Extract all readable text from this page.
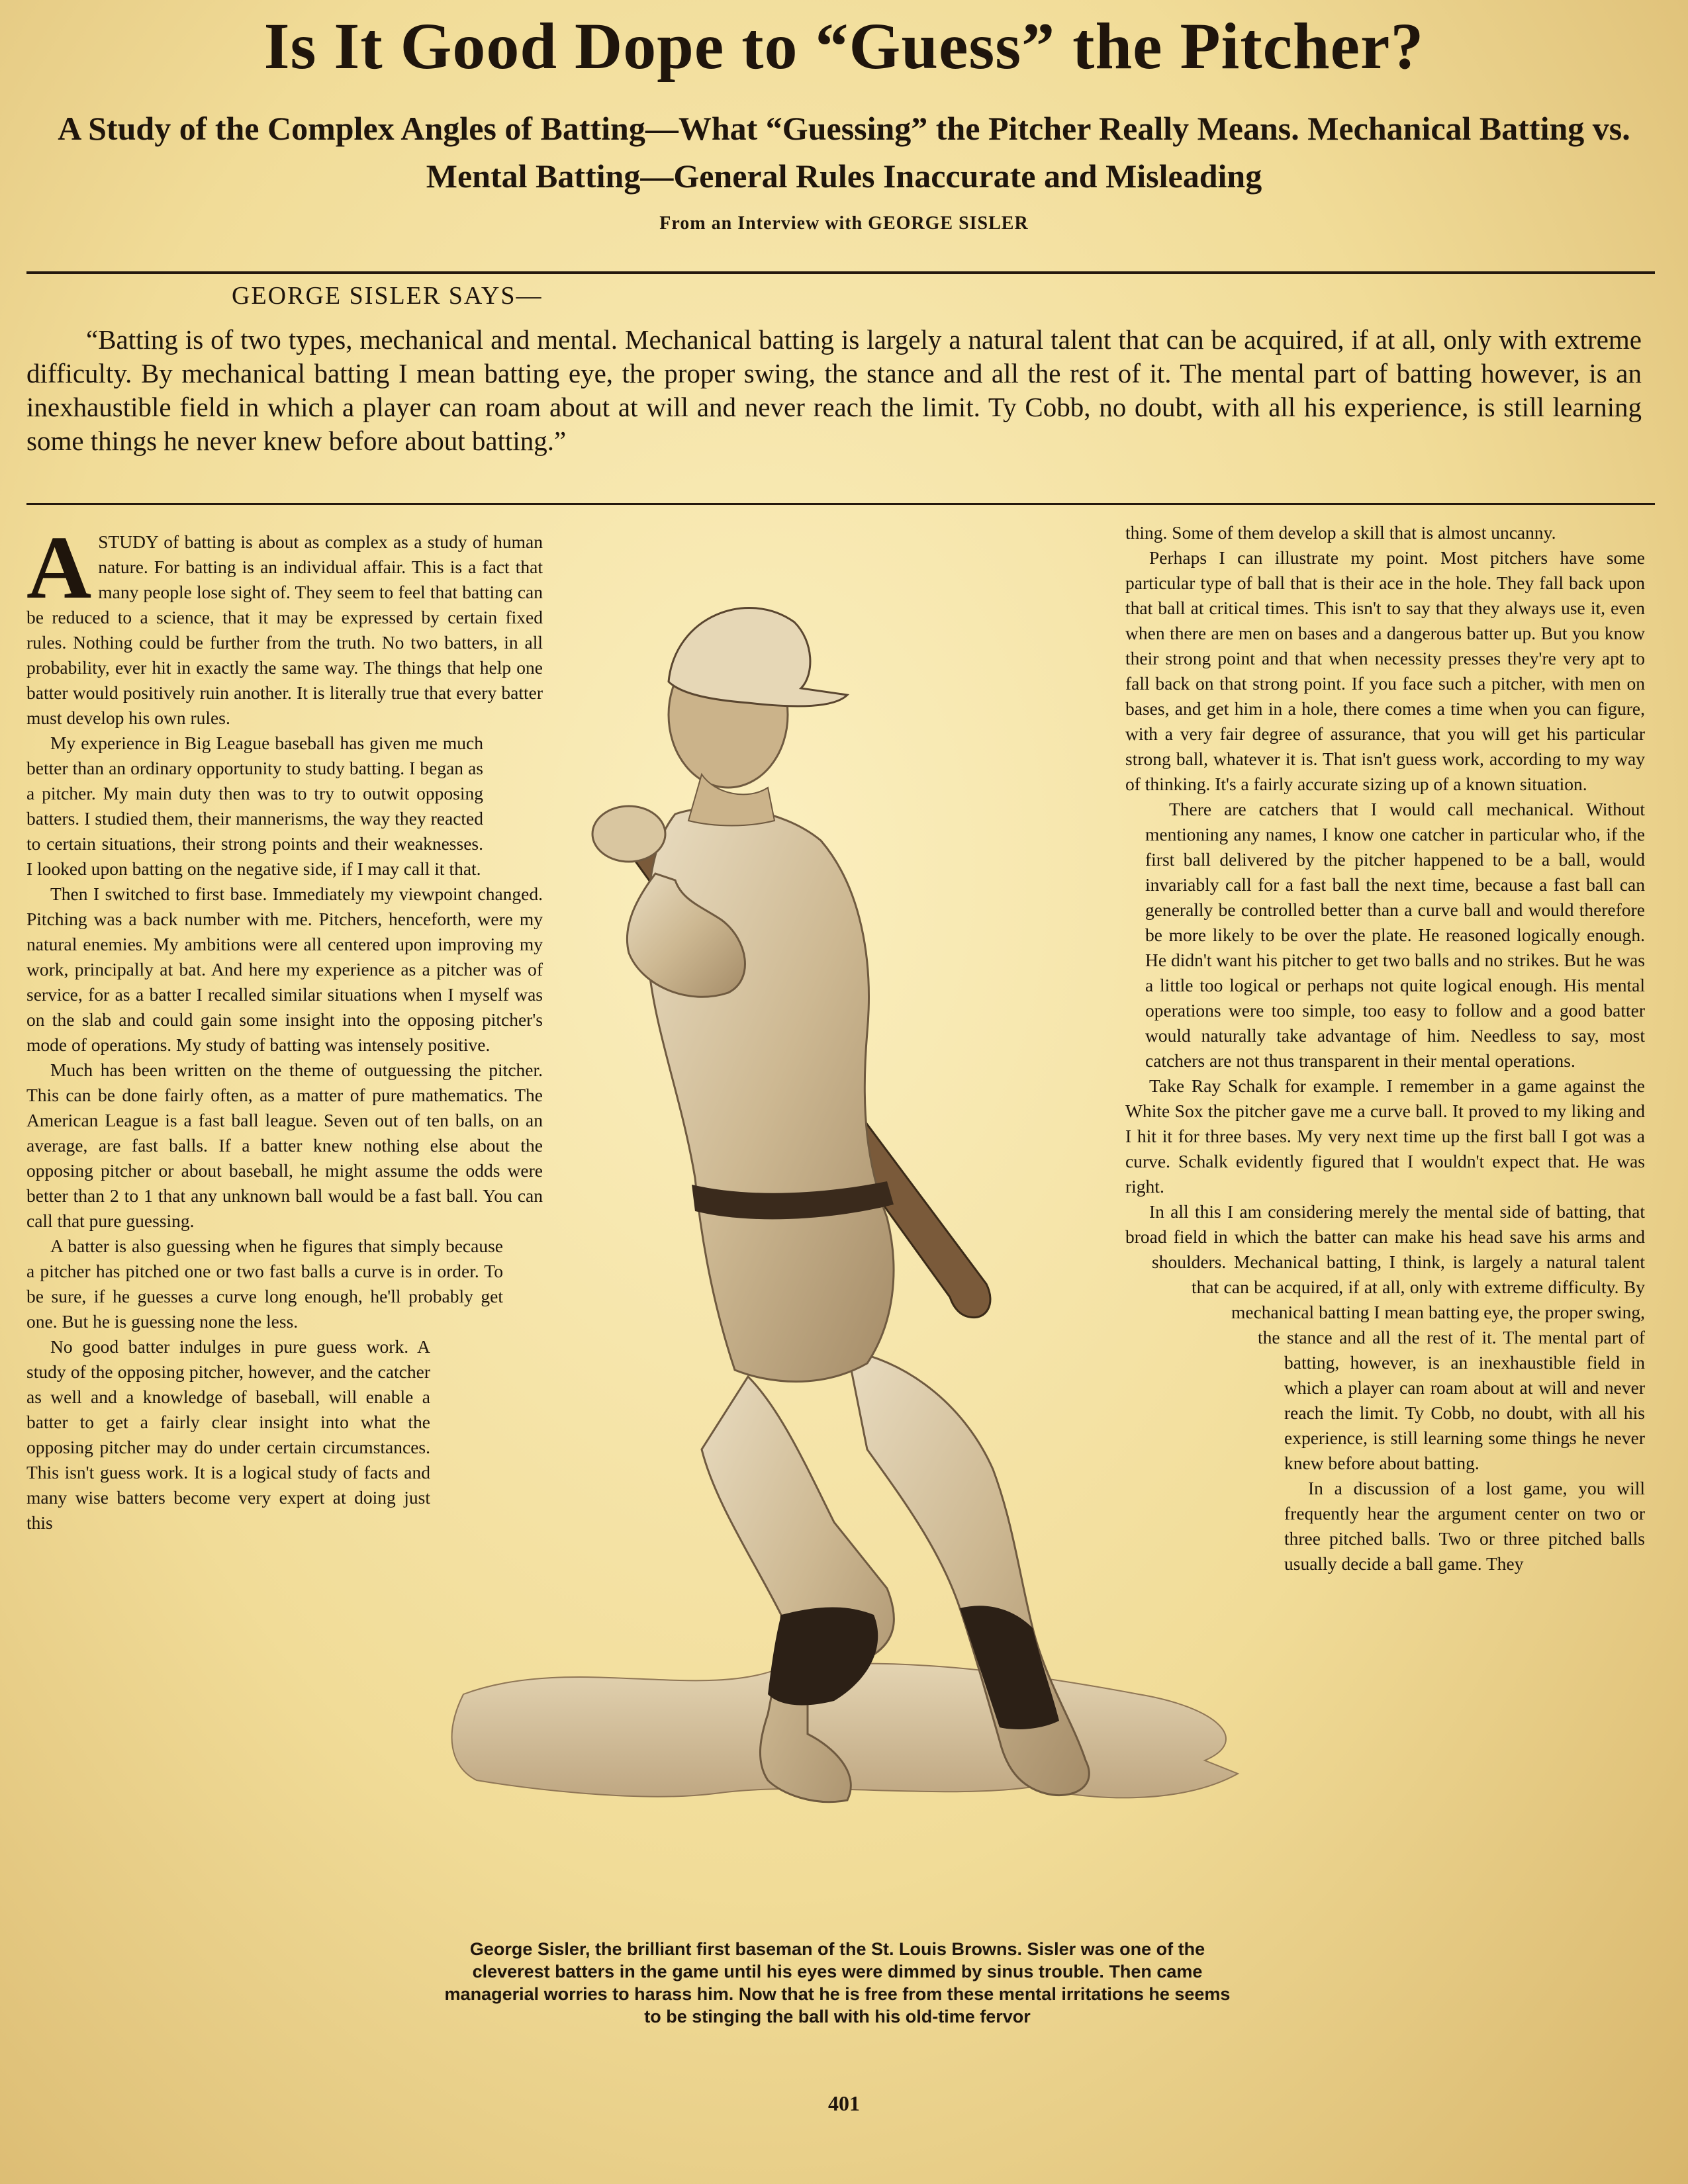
Is It Good Dope to “Guess” the Pitcher?
A Study of the Complex Angles of Batting—What “Guessing” the Pitcher Really Means. Mechanical Batting vs. Mental Batting—General Rules Inaccurate and Misleading
From an Interview with GEORGE SISLER
GEORGE SISLER SAYS—

“Batting is of two types, mechanical and mental. Mechanical batting is largely a natural talent that can be acquired, if at all, only with extreme difficulty. By mechanical batting I mean batting eye, the proper swing, the stance and all the rest of it. The mental part of batting however, is an inexhaustible field in which a player can roam about at will and never reach the limit. Ty Cobb, no doubt, with all his experience, is still learning some things he never knew before about batting.”

ASTUDY of batting is about as complex as a study of human nature. For batting is an individual affair. This is a fact that many people lose sight of. They seem to feel that batting can be reduced to a science, that it may be expressed by certain fixed rules. Nothing could be further from the truth. No two batters, in all probability, ever hit in exactly the same way. The things that help one batter would positively ruin another. It is literally true that every batter must develop his own rules.

My experience in Big League baseball has given me much better than an ordinary opportunity to study batting. I began as a pitcher. My main duty then was to try to outwit opposing batters. I studied them, their mannerisms, the way they reacted to certain situations, their strong points and their weaknesses. I looked upon batting on the negative side, if I may call it that.

Then I switched to first base. Immediately my viewpoint changed. Pitching was a back number with me. Pitchers, henceforth, were my natural enemies. My ambitions were all centered upon improving my work, principally at bat. And here my experience as a pitcher was of service, for as a batter I recalled similar situations when I myself was on the slab and could gain some insight into the opposing pitcher's mode of operations. My study of batting was intensely positive.

Much has been written on the theme of outguessing the pitcher. This can be done fairly often, as a matter of pure mathematics. The American League is a fast ball league. Seven out of ten balls, on an average, are fast balls. If a batter knew nothing else about the opposing pitcher or about baseball, he might assume the odds were better than 2 to 1 that any unknown ball would be a fast ball. You can call that pure guessing.

A batter is also guessing when he figures that simply because a pitcher has pitched one or two fast balls a curve is in order. To be sure, if he guesses a curve long enough, he'll probably get one. But he is guessing none the less.

No good batter indulges in pure guess work. A study of the opposing pitcher, however, and the catcher as well and a knowledge of baseball, will enable a batter to get a fairly clear insight into what the opposing pitcher may do under certain circumstances. This isn't guess work. It is a logical study of facts and many wise batters become very expert at doing just this

thing. Some of them develop a skill that is almost uncanny.

Perhaps I can illustrate my point. Most pitchers have some particular type of ball that is their ace in the hole. They fall back upon that ball at critical times. This isn't to say that they always use it, even when there are men on bases and a dangerous batter up. But you know their strong point and that when necessity presses they're very apt to fall back on that strong point. If you face such a pitcher, with men on bases, and get him in a hole, there comes a time when you can figure, with a very fair degree of assurance, that you will get his particular strong ball, whatever it is. That isn't guess work, according to my way of thinking. It's a fairly accurate sizing up of a known situation.

There are catchers that I would call mechanical. Without mentioning any names, I know one catcher in particular who, if the first ball delivered by the pitcher happened to be a ball, would invariably call for a fast ball the next time, because a fast ball can generally be controlled better than a curve ball and would therefore be more likely to be over the plate. He reasoned logically enough. He didn't want his pitcher to get two balls and no strikes. But he was a little too logical or perhaps not quite logical enough. His mental operations were too simple, too easy to follow and a good batter would naturally take advantage of him. Needless to say, most catchers are not thus transparent in their mental operations.

Take Ray Schalk for example. I remember in a game against the White Sox the pitcher gave me a curve ball. It proved to my liking and I hit it for three bases. My very next time up the first ball I got was a curve. Schalk evidently figured that I wouldn't expect that. He was right.

In all this I am considering merely the mental side of batting, that broad field in which the batter can make his head save his arms and shoulders. Mechanical batting, I think, is largely a natural talent that can be acquired, if at all, only with extreme difficulty. By mechanical batting I mean batting eye, the proper swing, the stance and all the rest of it. The mental part of batting, however, is an inexhaustible field in which a player can roam about at will and never reach the limit. Ty Cobb, no doubt, with all his experience, is still learning some things he never knew before about batting.

In a discussion of a lost game, you will frequently hear the argument center on two or three pitched balls. Two or three pitched balls usually decide a ball game. They

George Sisler, the brilliant first baseman of the St. Louis Browns. Sisler was one of the cleverest batters in the game until his eyes were dimmed by sinus trouble. Then came managerial worries to harass him. Now that he is free from these mental irritations he seems to be stinging the ball with his old-time fervor

401
